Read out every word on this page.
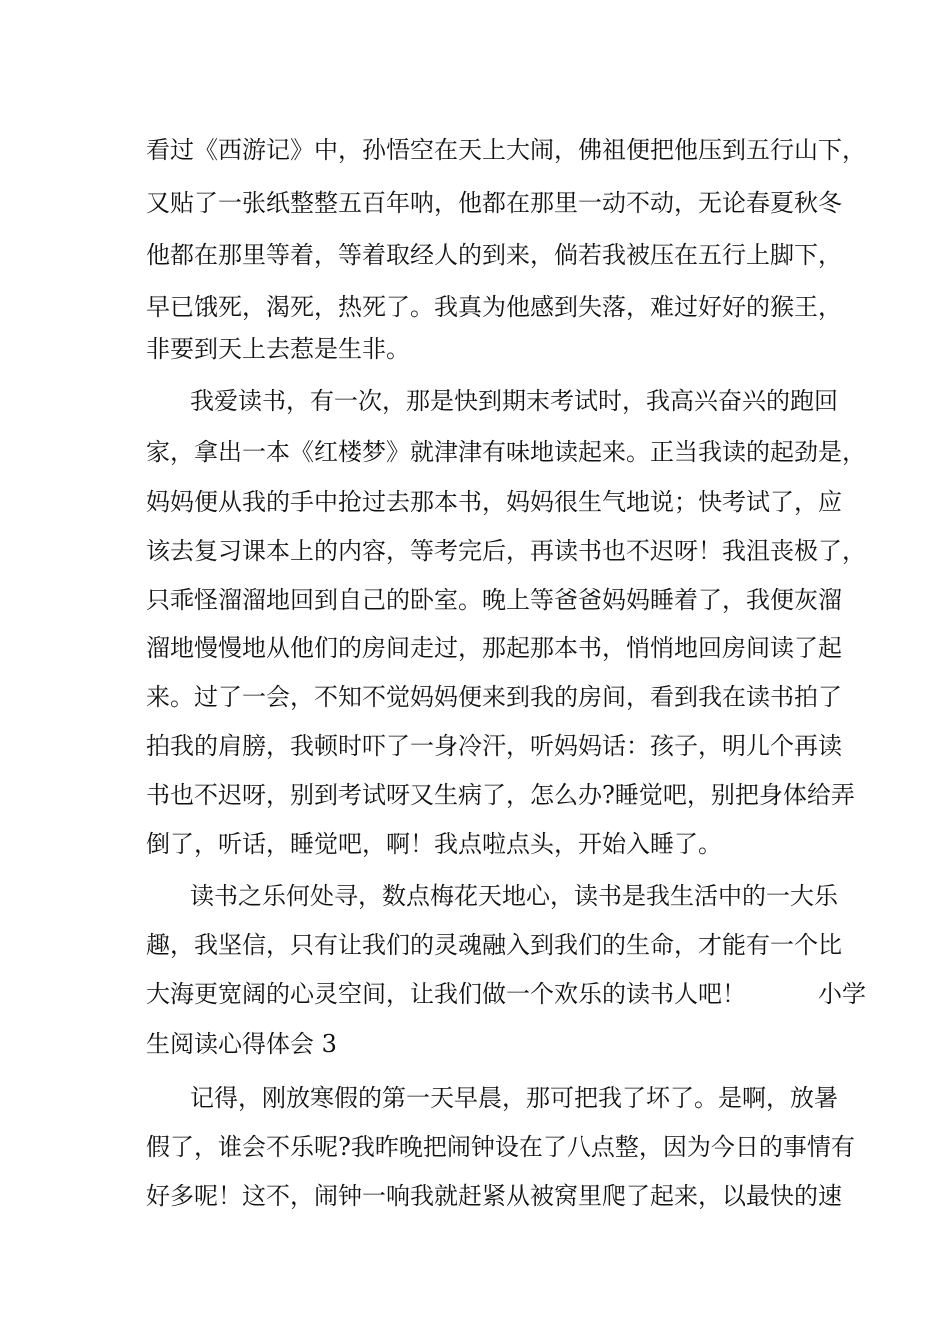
看过《西游记》中，孙悟空在天上大闹，佛祖便把他压到五行山下，
又贴了一张纸整整五百年呐，他都在那里一动不动，无论春夏秋冬
他都在那里等着，等着取经人的到来，倘若我被压在五行上脚下，
早已饿死，渴死，热死了。我真为他感到失落，难过好好的猴王，
非要到天上去惹是生非。
我爱读书，有一次，那是快到期末考试时，我高兴奋兴的跑回
家，拿出一本《红楼梦》就津津有味地读起来。正当我读的起劲是，
妈妈便从我的手中抢过去那本书，妈妈很生气地说；快考试了，应
该去复习课本上的内容，等考完后，再读书也不迟呀！我沮丧极了，
只乖怪溜溜地回到自己的卧室。晚上等爸爸妈妈睡着了，我便灰溜
溜地慢慢地从他们的房间走过，那起那本书，悄悄地回房间读了起
来。过了一会，不知不觉妈妈便来到我的房间，看到我在读书拍了
拍我的肩膀，我顿时吓了一身冷汗，听妈妈话：孩子，明儿个再读
书也不迟呀，别到考试呀又生病了，怎么办?睡觉吧，别把身体给弄
倒了，听话，睡觉吧，啊！我点啦点头，开始入睡了。
读书之乐何处寻，数点梅花天地心，读书是我生活中的一大乐
趣，我坚信，只有让我们的灵魂融入到我们的生命，才能有一个比
大海更宽阔的心灵空间，让我们做一个欢乐的读书人吧！　　　小学
生阅读心得体会 3
记得，刚放寒假的第一天早晨，那可把我了坏了。是啊，放暑
假了，谁会不乐呢?我昨晚把闹钟设在了八点整，因为今日的事情有
好多呢！这不，闹钟一响我就赶紧从被窝里爬了起来，以最快的速
